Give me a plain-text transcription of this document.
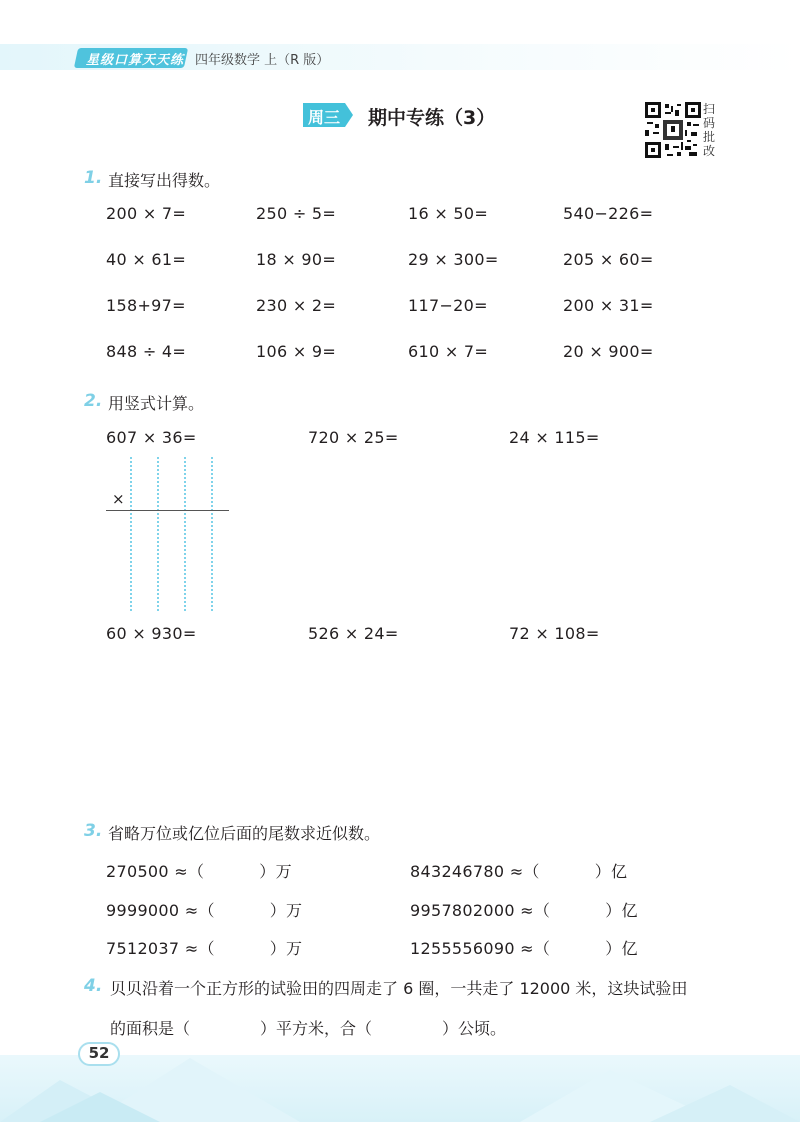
星级口算天天练 四年级数学 上（R 版）
周三 期中专练（3）	扫码批改
1. 直接写出得数。
200 × 7=	250 ÷ 5=	16 × 50=	540−226=
40 × 61=	18 × 90=	29 × 300=	205 × 60=
158+97=	230 × 2=	117−20=	200 × 31=
848 ÷ 4=	106 × 9=	610 × 7=	20 × 900=
2. 用竖式计算。
607 × 36=	720 × 25=	24 × 115=
×
60 × 930=	526 × 24=	72 × 108=
3. 省略万位或亿位后面的尾数求近似数。
270500 ≈（	）万	843246780 ≈（	）亿
9999000 ≈（	）万	9957802000 ≈（	）亿
7512037 ≈（	）万	1255556090 ≈（	）亿
4. 贝贝沿着一个正方形的试验田的四周走了 6 圈，一共走了 12000 米，这块试验田
的面积是（	）平方米，合（	）公顷。
52
